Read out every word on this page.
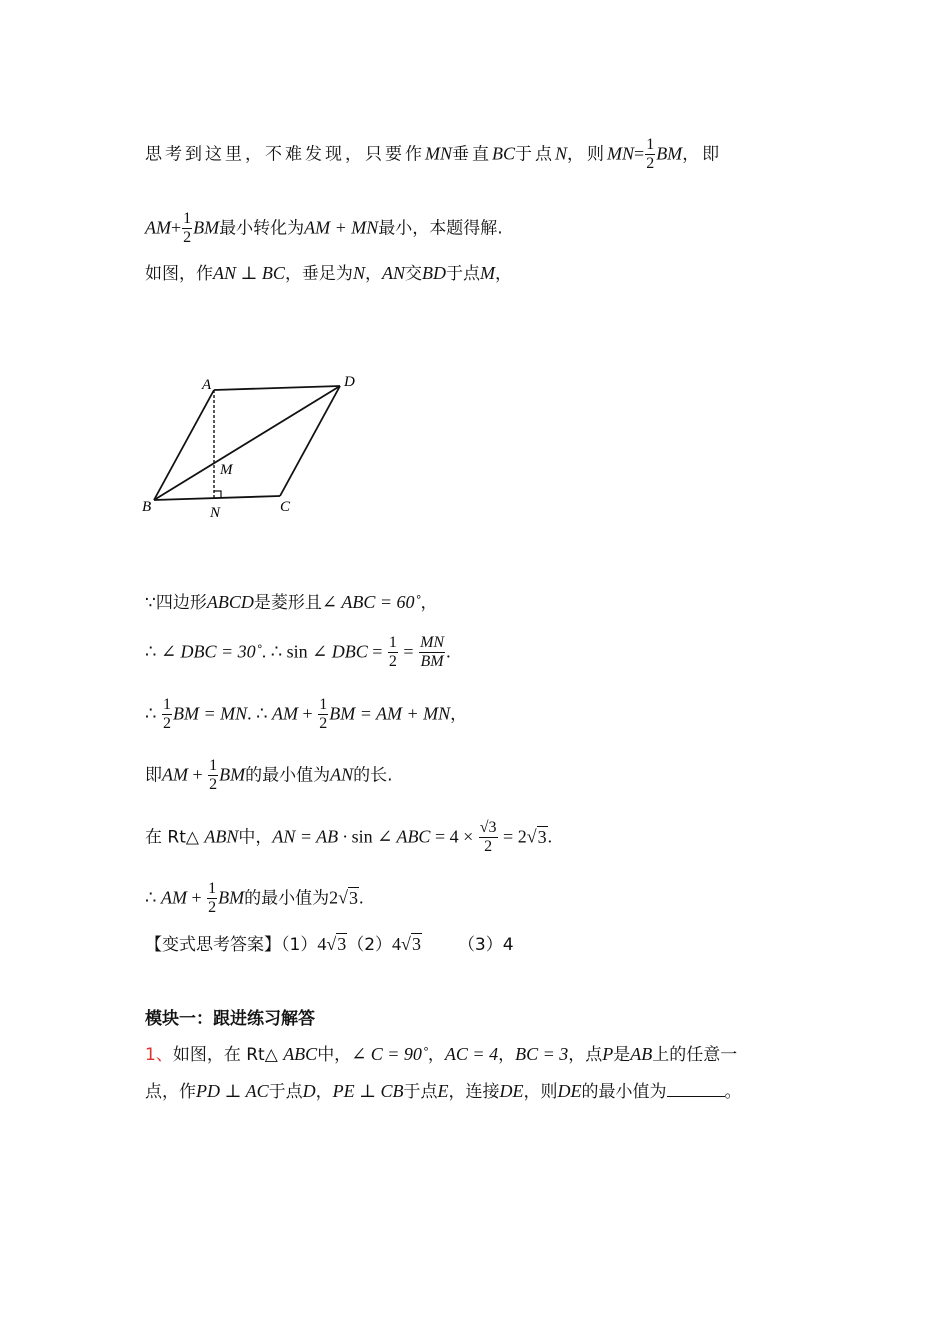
思考到这里，不难发现，只要作MN垂直BC于点N，则$MN= \frac{1}{2}$ BM，即
$AM+ \frac{1}{2}$ BM最小转化为AM + MN最小，本题得解.
如图，作AN ⊥ BC，垂足为N，AN交BD于点M，
A	D
B	C
M
N
∵四边形ABCD是菱形且∠ ABC = 60˚，
∴ ∠ DBC = 30˚. ∴ sin ∠ DBC = $\frac{1}{2} = \frac{MN}{BM}$ .
∴ $\frac{1}{2}$ BM = MN. ∴ AM + $\frac{1}{2}$ BM = AM + MN，
即AM + $\frac{1}{2}$ BM的最小值为AN的长.
在 Rt△ ABN中，AN = AB · sin ∠ ABC = $4 \times \frac{√3}{2} = 2√3$.
∴ AM + $\frac{1}{2}$ BM的最小值为2√3.
【变式思考答案】（1）4√3（2）4√3 （3）4
模块一：跟进练习解答
1、如图，在 Rt△ ABC中，∠ C = 90˚，AC = 4，BC = 3，点P是AB上的任意一
点，作PD ⊥ AC于点D，PE ⊥ CB于点E，连接DE，则DE的最小值为	。
